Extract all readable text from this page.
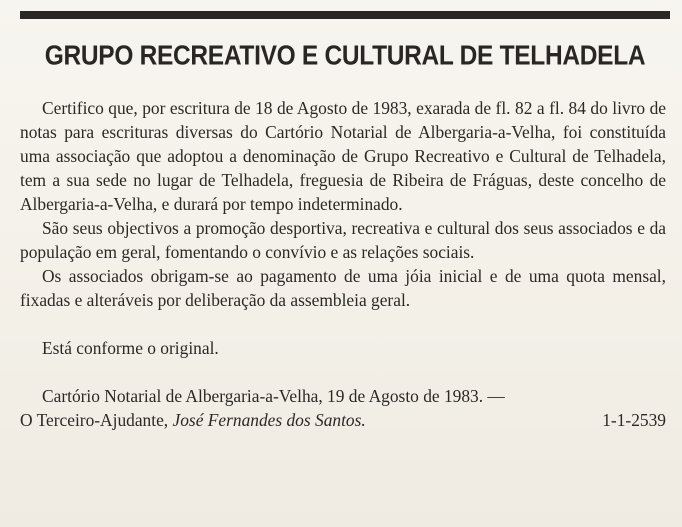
GRUPO RECREATIVO E CULTURAL DE TELHADELA

Certifico que, por escritura de 18 de Agosto de 1983, exarada de fl. 82 a fl. 84 do livro de notas para escrituras diversas do Cartório Notarial de Albergaria-a-Velha, foi constituída uma associação que adoptou a denominação de Grupo Recreativo e Cultural de Telhadela, tem a sua sede no lugar de Telhadela, freguesia de Ribeira de Fráguas, deste concelho de Albergaria-a-Velha, e durará por tempo indeterminado.

São seus objectivos a promoção desportiva, recreativa e cultural dos seus associados e da população em geral, fomentando o convívio e as relações sociais.

Os associados obrigam-se ao pagamento de uma jóia inicial e de uma quota mensal, fixadas e alteráveis por deliberação da assembleia geral.

Está conforme o original.

Cartório Notarial de Albergaria-a-Velha, 19 de Agosto de 1983. —

O Terceiro-Ajudante, José Fernandes dos Santos.	1-1-2539
